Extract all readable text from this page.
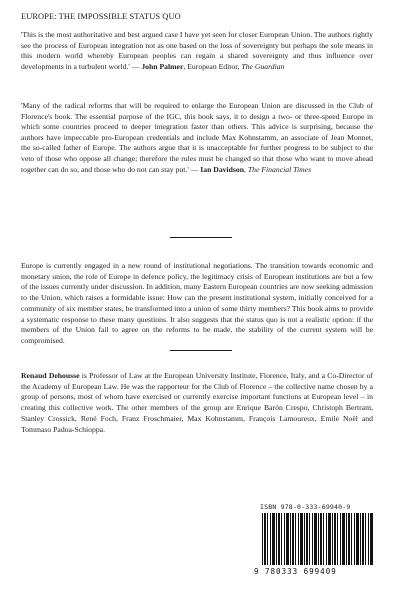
EUROPE: THE IMPOSSIBLE STATUS QUO
'This is the most authoritative and best argued case I have yet seen for closer European Union. The authors rightly see the process of European integration not as one based on the loss of sovereignty but perhaps the sole means in this modern world whereby European peoples can regain a shared sovereignty and thus influence over developments in a turbulent world.' — John Palmer, European Editor, The Guardian
'Many of the radical reforms that will be required to enlarge the European Union are discussed in the Club of Florence's book. The essential purpose of the IGC, this book says, it to design a two- or three-speed Europe in which some countries proceed to deeper integration faster than others. This advice is surprising, because the authors have impeccable pro-European credentials and include Max Kohnstamm, an associate of Jean Monnet, the so-called father of Europe. The authors argue that it is unacceptable for further progress to be subject to the veto of those who oppose all change; therefore the rules must be changed so that those who want to move ahead together can do so, and those who do not can stay put.' — Ian Davidson, The Financial Times
Europe is currently engaged in a new round of institutional negotiations. The transition towards economic and monetary union, the role of Europe in defence policy, the legitimacy crisis of European institutions are but a few of the issues currently under discussion. In addition, many Eastern European countries are now seeking admission to the Union, which raises a formidable issue: How can the present institutional system, initially conceived for a community of six member states, be transformed into a union of some thirty members? This book aims to provide a systematic response to these many questions. It also suggests that the status quo is not a realistic option: if the members of the Union fail to agree on the reforms to be made, the stability of the current system will be compromised.
Renaud Dehousse is Professor of Law at the European University Institute, Florence, Italy, and a Co-Director of the Academy of European Law. He was the rapporteur for the Club of Florence – the collective name chosen by a group of persons, most of whom have exercised or currently exercise important functions at European level – in creating this collective work. The other members of the group are Enrique Barón Crespo, Christoph Bertram, Stanley Crossick, René Foch, Franz Froschmaier, Max Kohnstamm, François Lamoureux, Emile Noël and Tommaso Padoa-Schioppa.
ISBN 978-0-333-69940-9
9 780333 699409
